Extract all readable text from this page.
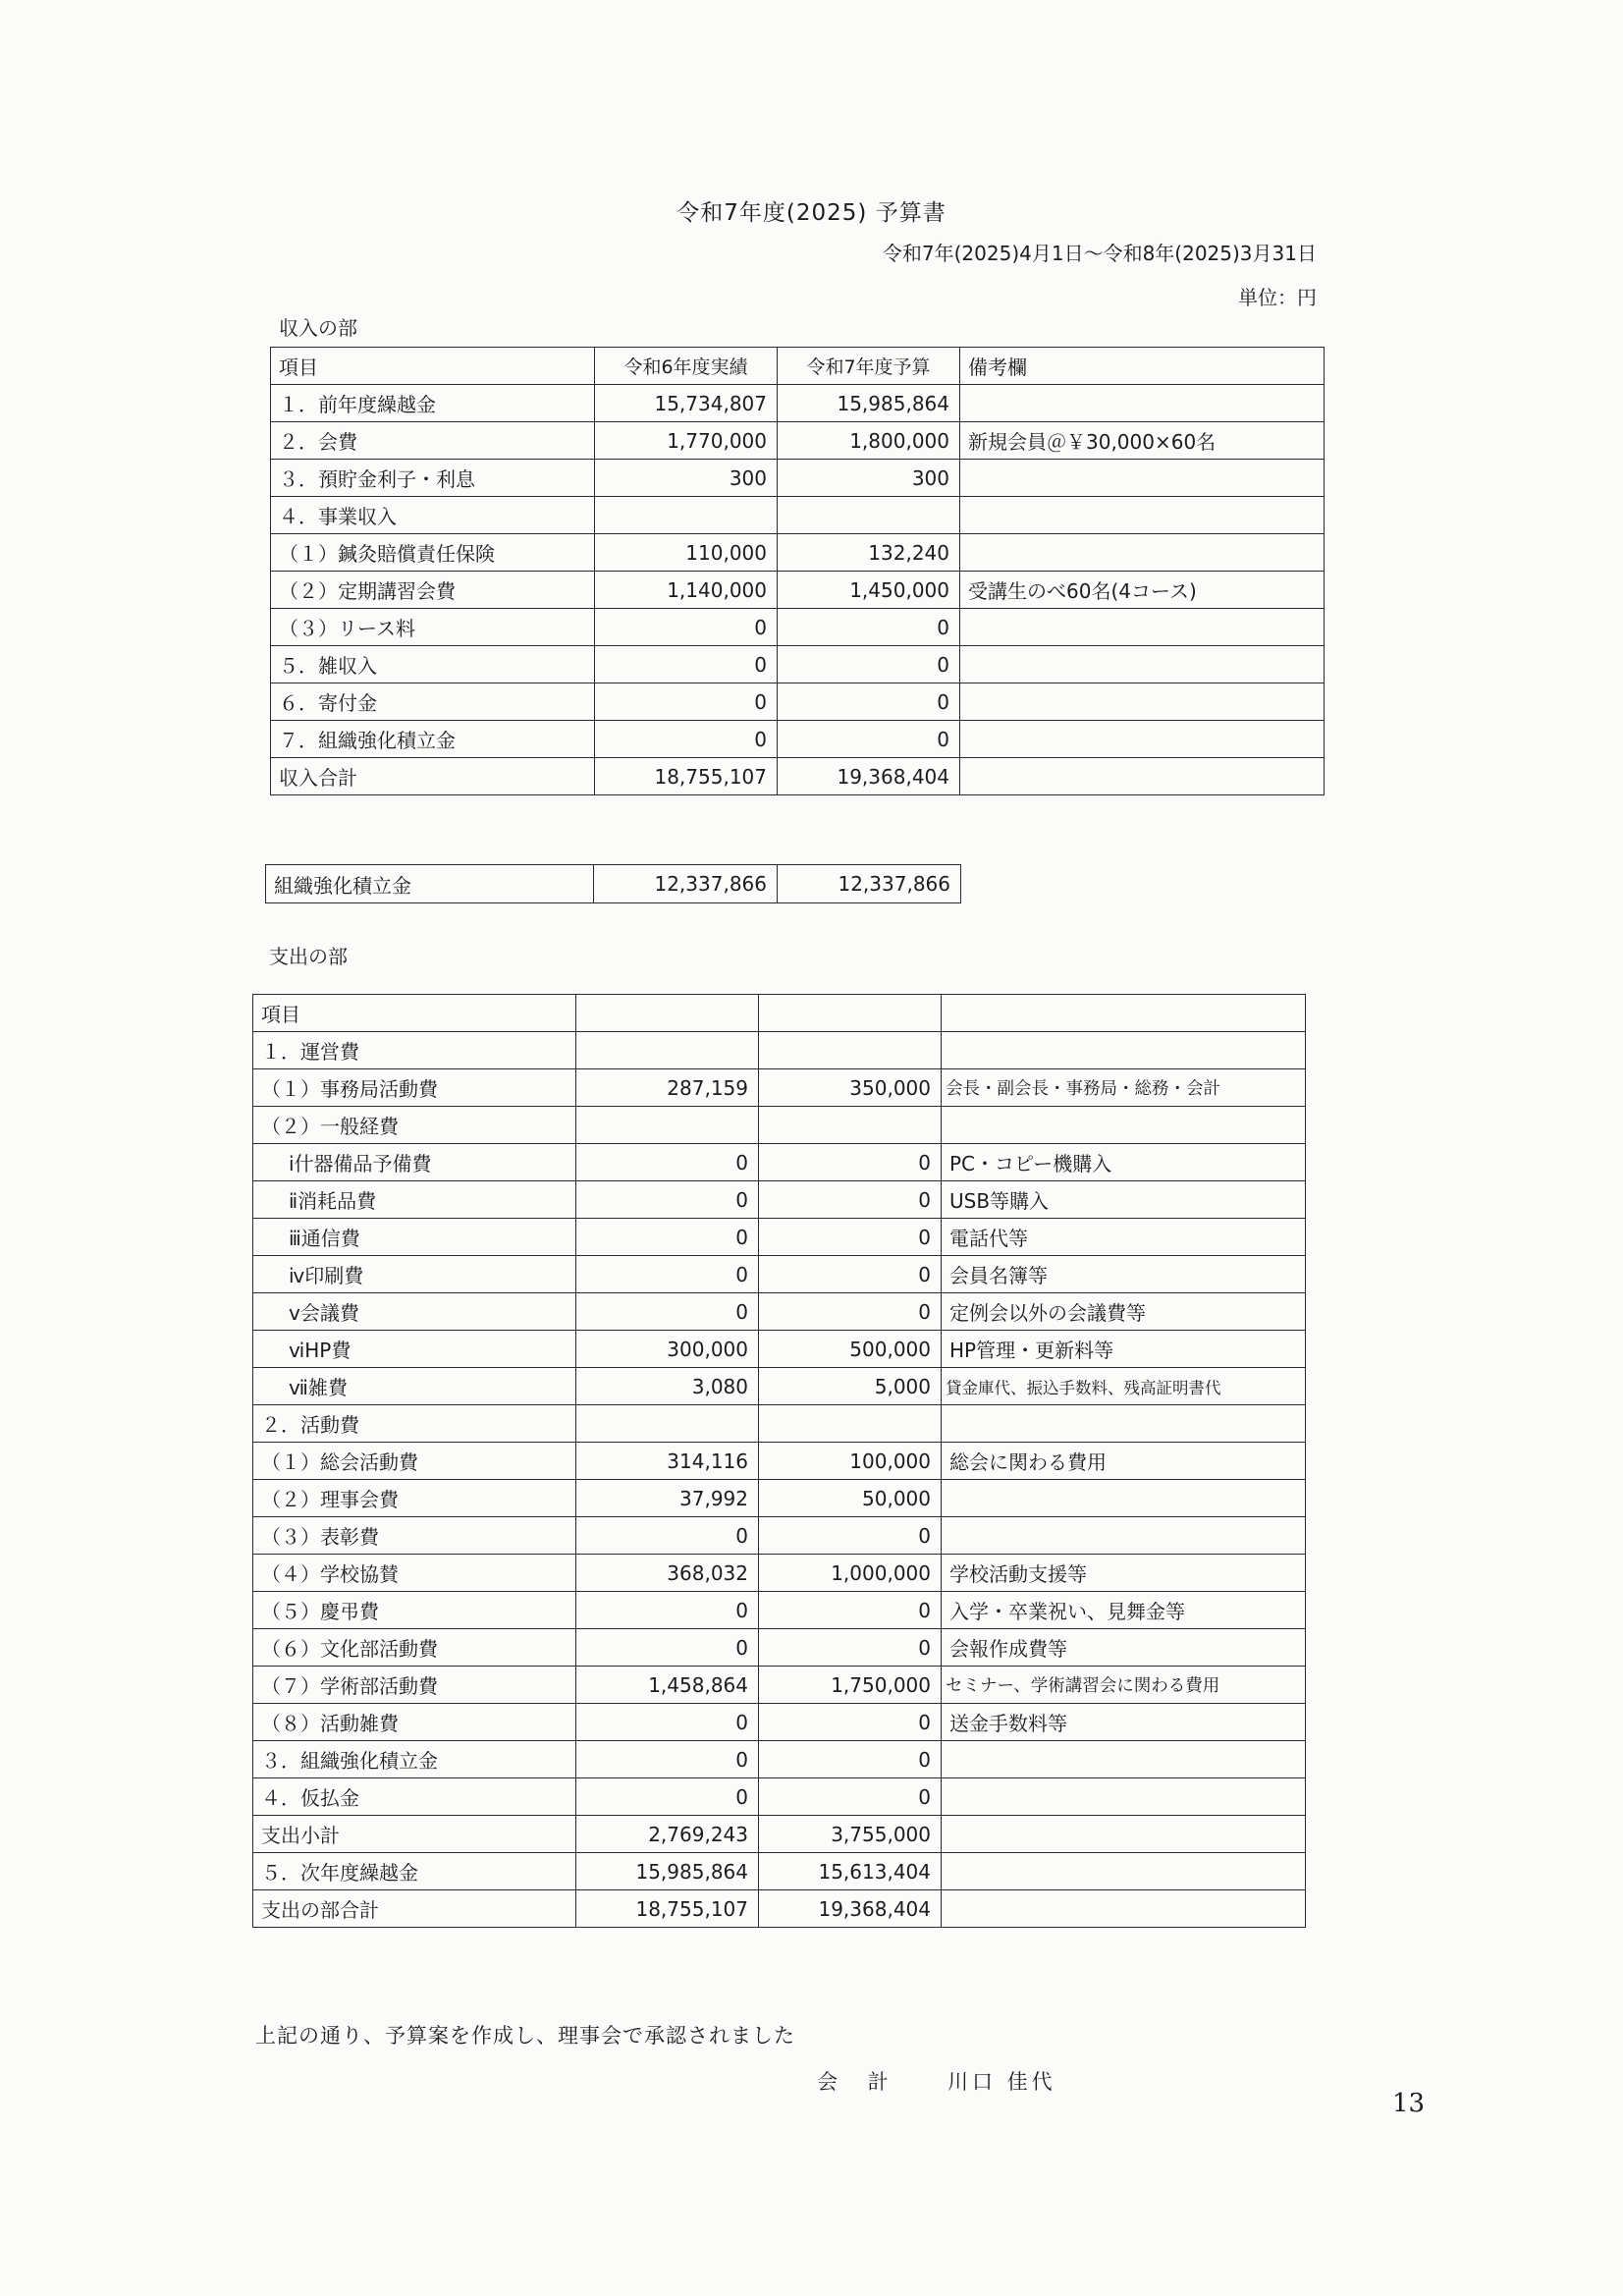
令和7年度(2025) 予算書
令和7年(2025)4月1日～令和8年(2025)3月31日
単位：円
収入の部
項目	令和6年度実績	令和7年度予算	備考欄
１．前年度繰越金	15,734,807	15,985,864	
２．会費	1,770,000	1,800,000	新規会員＠￥30,000×60名
３．預貯金利子・利息	300	300	
４．事業収入			
（１）鍼灸賠償責任保険	110,000	132,240	
（２）定期講習会費	1,140,000	1,450,000	受講生のべ60名(4コース)
（３）リース料	0	0	
５．雑収入	0	0	
６．寄付金	0	0	
７．組織強化積立金	0	0	
収入合計	18,755,107	19,368,404	
組織強化積立金	12,337,866	12,337,866
支出の部
項目			
１．運営費			
（１）事務局活動費	287,159	350,000	会長・副会長・事務局・総務・会計
（２）一般経費			
ⅰ什器備品予備費	0	0	PC・コピー機購入
ⅱ消耗品費	0	0	USB等購入
ⅲ通信費	0	0	電話代等
ⅳ印刷費	0	0	会員名簿等
ⅴ会議費	0	0	定例会以外の会議費等
ⅵHP費	300,000	500,000	HP管理・更新料等
ⅶ雑費	3,080	5,000	貸金庫代、振込手数料、残高証明書代
２．活動費			
（１）総会活動費	314,116	100,000	総会に関わる費用
（２）理事会費	37,992	50,000	
（３）表彰費	0	0	
（４）学校協賛	368,032	1,000,000	学校活動支援等
（５）慶弔費	0	0	入学・卒業祝い、見舞金等
（６）文化部活動費	0	0	会報作成費等
（７）学術部活動費	1,458,864	1,750,000	セミナー、学術講習会に関わる費用
（８）活動雑費	0	0	送金手数料等
３．組織強化積立金	0	0	
４．仮払金	0	0	
支出小計	2,769,243	3,755,000	
５．次年度繰越金	15,985,864	15,613,404	
支出の部合計	18,755,107	19,368,404	
上記の通り、予算案を作成し、理事会で承認されました
会 計 川口 佳代
13
